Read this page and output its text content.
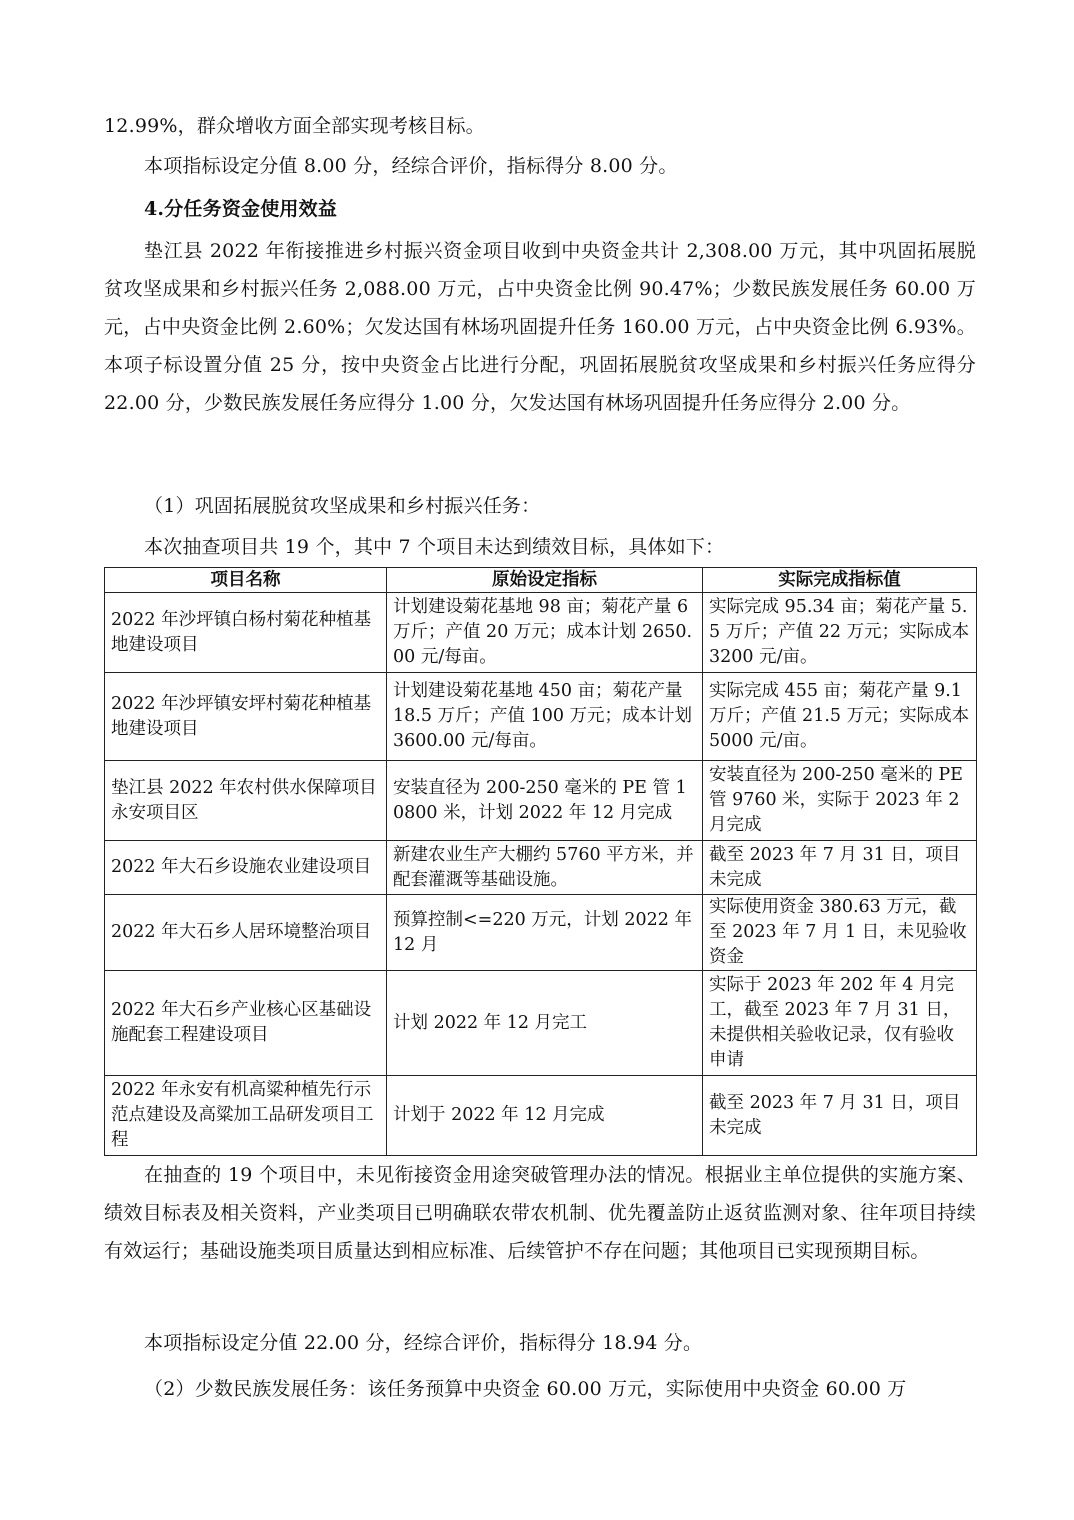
12.99%，群众增收方面全部实现考核目标。

本项指标设定分值 8.00 分，经综合评价，指标得分 8.00 分。

4.分任务资金使用效益

垫江县 2022 年衔接推进乡村振兴资金项目收到中央资金共计 2,308.00 万元，其中巩固拓展脱贫攻坚成果和乡村振兴任务 2,088.00 万元，占中央资金比例 90.47%；少数民族发展任务 60.00 万元，占中央资金比例 2.60%；欠发达国有林场巩固提升任务 160.00 万元，占中央资金比例 6.93%。本项子标设置分值 25 分，按中央资金占比进行分配，巩固拓展脱贫攻坚成果和乡村振兴任务应得分 22.00 分，少数民族发展任务应得分 1.00 分，欠发达国有林场巩固提升任务应得分 2.00 分。

（1）巩固拓展脱贫攻坚成果和乡村振兴任务：

本次抽查项目共 19 个，其中 7 个项目未达到绩效目标，具体如下：

项目名称	原始设定指标	实际完成指标值
2022 年沙坪镇白杨村菊花种植基地建设项目	计划建设菊花基地 98 亩；菊花产量 6 万斤；产值 20 万元；成本计划 2650.00 元/每亩。	实际完成 95.34 亩；菊花产量 5.5 万斤；产值 22 万元；实际成本 3200 元/亩。
2022 年沙坪镇安坪村菊花种植基地建设项目	计划建设菊花基地 450 亩；菊花产量 18.5 万斤；产值 100 万元；成本计划 3600.00 元/每亩。	实际完成 455 亩；菊花产量 9.1 万斤；产值 21.5 万元；实际成本 5000 元/亩。
垫江县 2022 年农村供水保障项目永安项目区	安装直径为 200-250 毫米的 PE 管 10800 米，计划 2022 年 12 月完成	安装直径为 200-250 毫米的 PE 管 9760 米，实际于 2023 年 2 月完成
2022 年大石乡设施农业建设项目	新建农业生产大棚约 5760 平方米，并配套灌溉等基础设施。	截至 2023 年 7 月 31 日，项目未完成
2022 年大石乡人居环境整治项目	预算控制<=220 万元，计划 2022 年 12 月	实际使用资金 380.63 万元，截至 2023 年 7 月 1 日，未见验收资金
2022 年大石乡产业核心区基础设施配套工程建设项目	计划 2022 年 12 月完工	实际于 2023 年 202 年 4 月完工，截至 2023 年 7 月 31 日，未提供相关验收记录，仅有验收申请
2022 年永安有机高粱种植先行示范点建设及高粱加工品研发项目工程	计划于 2022 年 12 月完成	截至 2023 年 7 月 31 日，项目未完成

在抽查的 19 个项目中，未见衔接资金用途突破管理办法的情况。根据业主单位提供的实施方案、绩效目标表及相关资料，产业类项目已明确联农带农机制、优先覆盖防止返贫监测对象、往年项目持续有效运行；基础设施类项目质量达到相应标准、后续管护不存在问题；其他项目已实现预期目标。

本项指标设定分值 22.00 分，经综合评价，指标得分 18.94 分。

（2）少数民族发展任务：该任务预算中央资金 60.00 万元，实际使用中央资金 60.00 万
